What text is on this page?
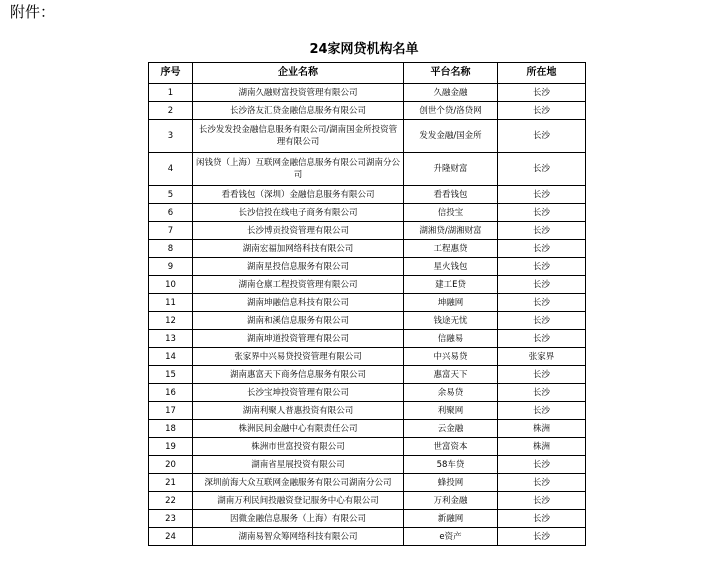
附件：
24家网贷机构名单
序号	企业名称	平台名称	所在地
1	湖南久融财富投资管理有限公司	久融金融	长沙
2	长沙洛友汇贷金融信息服务有限公司	创世个贷/洛贷网	长沙
3	长沙发发投金融信息服务有限公司/湖南国金所投资管理有限公司	发发金融/国金所	长沙
4	闲钱贷（上海）互联网金融信息服务有限公司湖南分公司	升隆财富	长沙
5	看看钱包（深圳）金融信息服务有限公司	看看钱包	长沙
6	长沙信投在线电子商务有限公司	信投宝	长沙
7	长沙博贡投资管理有限公司	湖湘贷/湖湘财富	长沙
8	湖南宏福加网络科技有限公司	工程惠贷	长沙
9	湖南星投信息服务有限公司	星火钱包	长沙
10	湖南仓廪工程投资管理有限公司	建工E贷	长沙
11	湖南坤融信息科技有限公司	坤融网	长沙
12	湖南和溪信息服务有限公司	钱途无忧	长沙
13	湖南坤道投资管理有限公司	信融易	长沙
14	张家界中兴易贷投资管理有限公司	中兴易贷	张家界
15	湖南惠富天下商务信息服务有限公司	惠富天下	长沙
16	长沙宝坤投资管理有限公司	余易贷	长沙
17	湖南利聚人普惠投资有限公司	利聚网	长沙
18	株洲民间金融中心有限责任公司	云金融	株洲
19	株洲市世富投资有限公司	世富资本	株洲
20	湖南省星展投资有限公司	58车贷	长沙
21	深圳前海大众互联网金融服务有限公司湖南分公司	蜂投网	长沙
22	湖南万利民间投融资登记服务中心有限公司	万利金融	长沙
23	因微金融信息服务（上海）有限公司	新融网	长沙
24	湖南易智众筹网络科技有限公司	e资产	长沙
